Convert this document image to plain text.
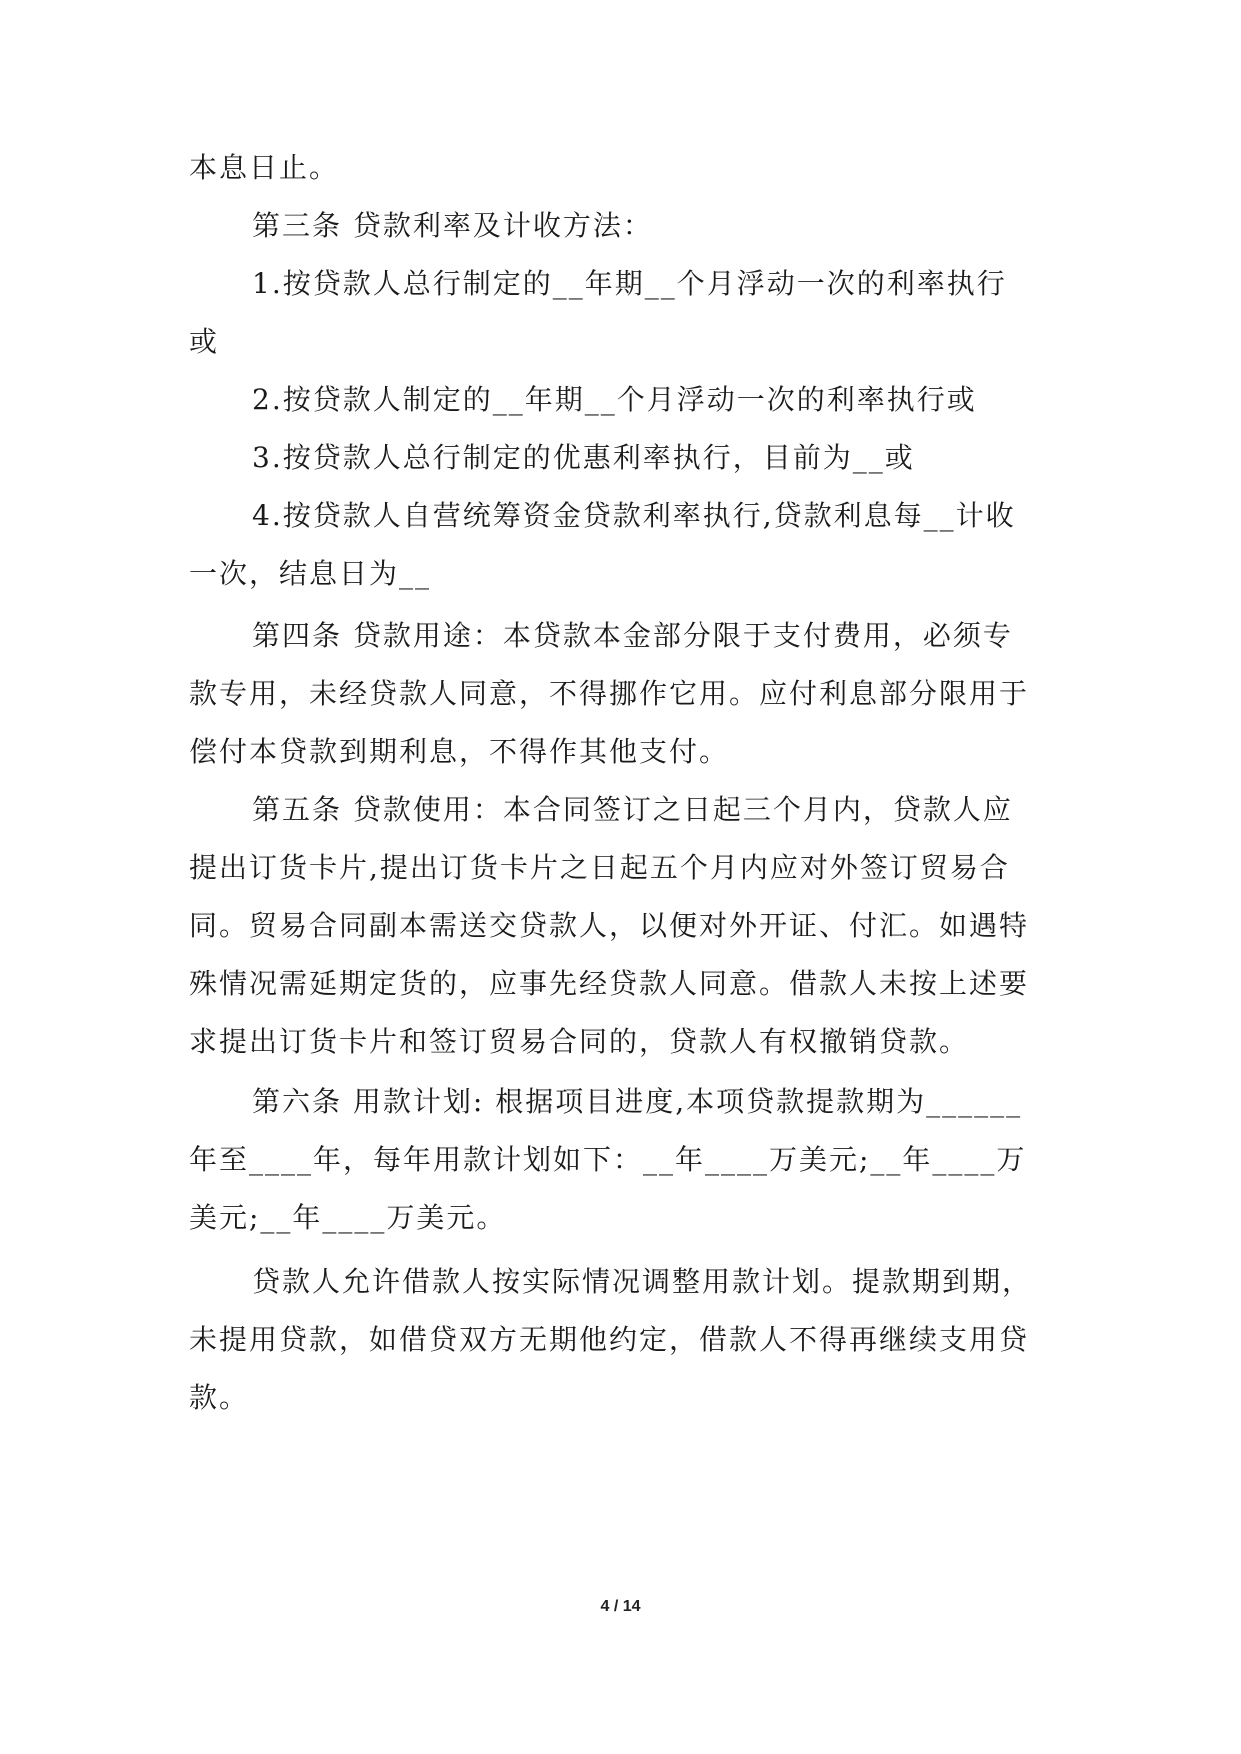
本息日止。
第三条 贷款利率及计收方法：
1.按贷款人总行制定的__年期__个月浮动一次的利率执行
或
2.按贷款人制定的__年期__个月浮动一次的利率执行或
3.按贷款人总行制定的优惠利率执行，目前为__或
4.按贷款人自营统筹资金贷款利率执行,贷款利息每__计收
一次，结息日为__
第四条 贷款用途：本贷款本金部分限于支付费用，必须专
款专用，未经贷款人同意，不得挪作它用。应付利息部分限用于
偿付本贷款到期利息，不得作其他支付。
第五条 贷款使用：本合同签订之日起三个月内，贷款人应
提出订货卡片,提出订货卡片之日起五个月内应对外签订贸易合
同。贸易合同副本需送交贷款人，以便对外开证、付汇。如遇特
殊情况需延期定货的，应事先经贷款人同意。借款人未按上述要
求提出订货卡片和签订贸易合同的，贷款人有权撤销贷款。
第六条 用款计划: 根据项目进度,本项贷款提款期为______
年至____年，每年用款计划如下：__年____万美元;__年____万
美元;__年____万美元。
贷款人允许借款人按实际情况调整用款计划。提款期到期，
未提用贷款，如借贷双方无期他约定，借款人不得再继续支用贷
款。
4 / 14
